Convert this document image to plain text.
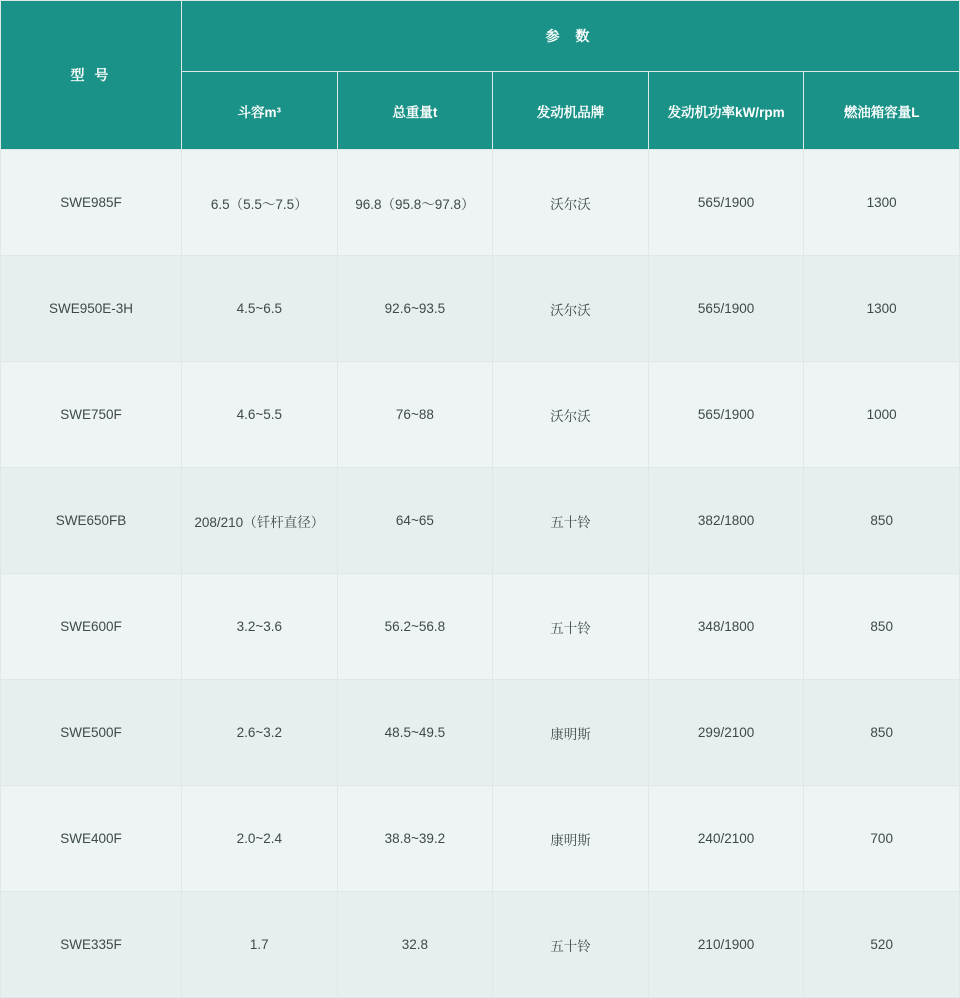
型 号	参 数				
	斗容m³	总重量t	发动机品牌	发动机功率kW/rpm	燃油箱容量L
SWE985F	6.5（5.5～7.5）	96.8（95.8～97.8）	沃尔沃	565/1900	1300
SWE950E-3H	4.5~6.5	92.6~93.5	沃尔沃	565/1900	1300
SWE750F	4.6~5.5	76~88	沃尔沃	565/1900	1000
SWE650FB	208/210（钎杆直径）	64~65	五十铃	382/1800	850
SWE600F	3.2~3.6	56.2~56.8	五十铃	348/1800	850
SWE500F	2.6~3.2	48.5~49.5	康明斯	299/2100	850
SWE400F	2.0~2.4	38.8~39.2	康明斯	240/2100	700
SWE335F	1.7	32.8	五十铃	210/1900	520
